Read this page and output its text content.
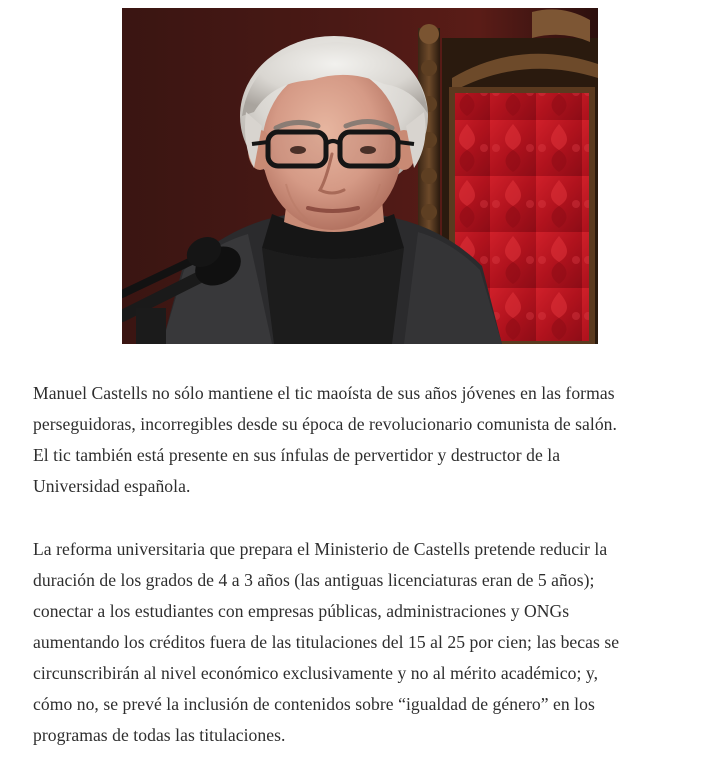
Manuel Castells no sólo mantiene el tic maoísta de sus años jóvenes en las formas
perseguidoras, incorregibles desde su época de revolucionario comunista de salón.
El tic también está presente en sus ínfulas de pervertidor y destructor de la
Universidad española.

La reforma universitaria que prepara el Ministerio de Castells pretende reducir la
duración de los grados de 4 a 3 años (las antiguas licenciaturas eran de 5 años);
conectar a los estudiantes con empresas públicas, administraciones y ONGs
aumentando los créditos fuera de las titulaciones del 15 al 25 por cien; las becas se
circunscribirán al nivel económico exclusivamente y no al mérito académico; y,
cómo no, se prevé la inclusión de contenidos sobre “igualdad de género” en los
programas de todas las titulaciones.
